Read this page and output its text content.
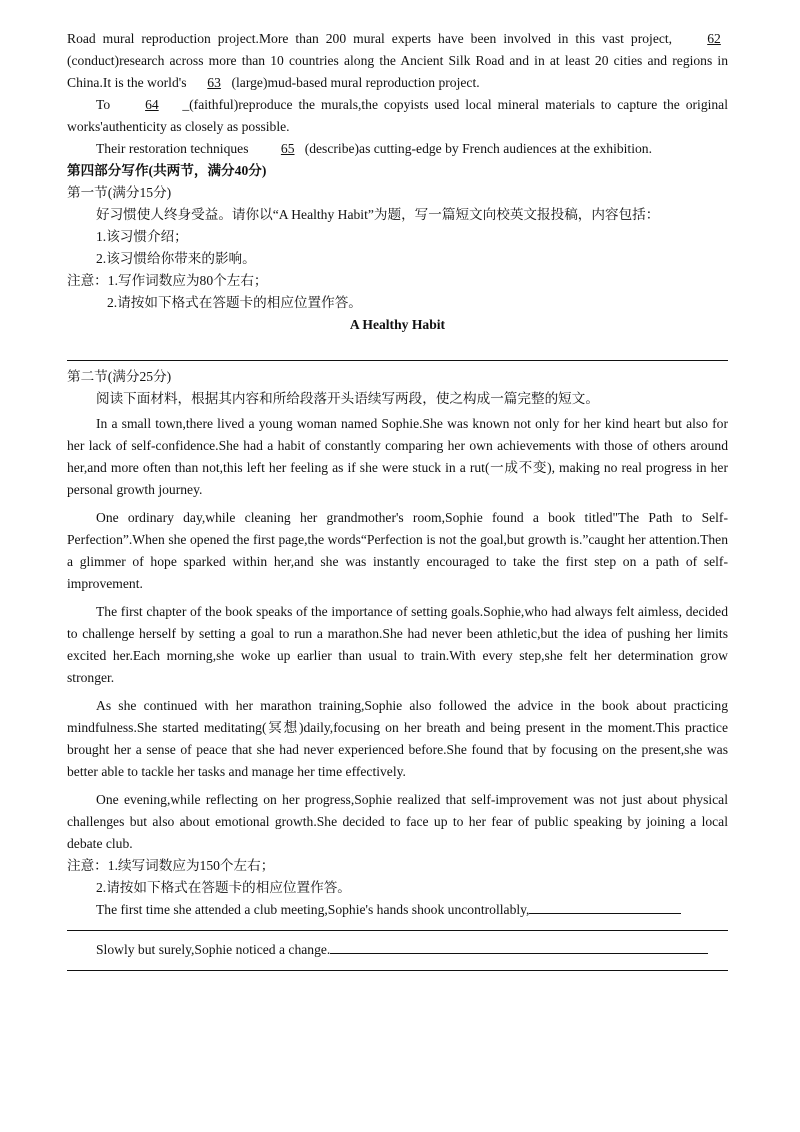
Road mural reproduction project.More than 200 mural experts have been involved in this vast project,	62 (conduct)research across more than 10 countries along the Ancient Silk Road and in at least 20 cities and regions in China.It is the world's 63 (large)mud-based mural reproduction project.

To	64 _(faithful)reproduce the murals,the copyists used local mineral materials to capture the original works'authenticity as closely as possible.

Their restoration techniques 65 (describe)as cutting-edge by French audiences at the exhibition.

第四部分写作(共两节，满分40分)

第一节(满分15分)

好习惯使人终身受益。请你以“A Healthy Habit”为题，写一篇短文向校英文报投稿，内容包括：

1.该习惯介绍；

2.该习惯给你带来的影响。

注意：1.写作词数应为80个左右；

2.请按如下格式在答题卡的相应位置作答。

A Healthy Habit

第二节(满分25分)

阅读下面材料，根据其内容和所给段落开头语续写两段，使之构成一篇完整的短文。

In a small town,there lived a young woman named Sophie.She was known not only for her kind heart but also for her lack of self-confidence.She had a habit of constantly comparing her own achievements with those of others around her,and more often than not,this left her feeling as if she were stuck in a rut(一成不变), making no real progress in her personal growth journey.

One ordinary day,while cleaning her grandmother's room,Sophie found a book titled"The Path to Self-Perfection”.When she opened the first page,the words“Perfection is not the goal,but growth is.”caught her attention.Then a glimmer of hope sparked within her,and she was instantly encouraged to take the first step on a path of self-improvement.

The first chapter of the book speaks of the importance of setting goals.Sophie,who had always felt aimless, decided to challenge herself by setting a goal to run a marathon.She had never been athletic,but the idea of pushing her limits excited her.Each morning,she woke up earlier than usual to train.With every step,she felt her determination grow stronger.

As she continued with her marathon training,Sophie also followed the advice in the book about practicing mindfulness.She started meditating(冥想)daily,focusing on her breath and being present in the moment.This practice brought her a sense of peace that she had never experienced before.She found that by focusing on the present,she was better able to tackle her tasks and manage her time effectively.

One evening,while reflecting on her progress,Sophie realized that self-improvement was not just about physical challenges but also about emotional growth.She decided to face up to her fear of public speaking by joining a local debate club.

注意：1.续写词数应为150个左右；

2.请按如下格式在答题卡的相应位置作答。

The first time she attended a club meeting,Sophie's hands shook uncontrollably,

Slowly but surely,Sophie noticed a change.
